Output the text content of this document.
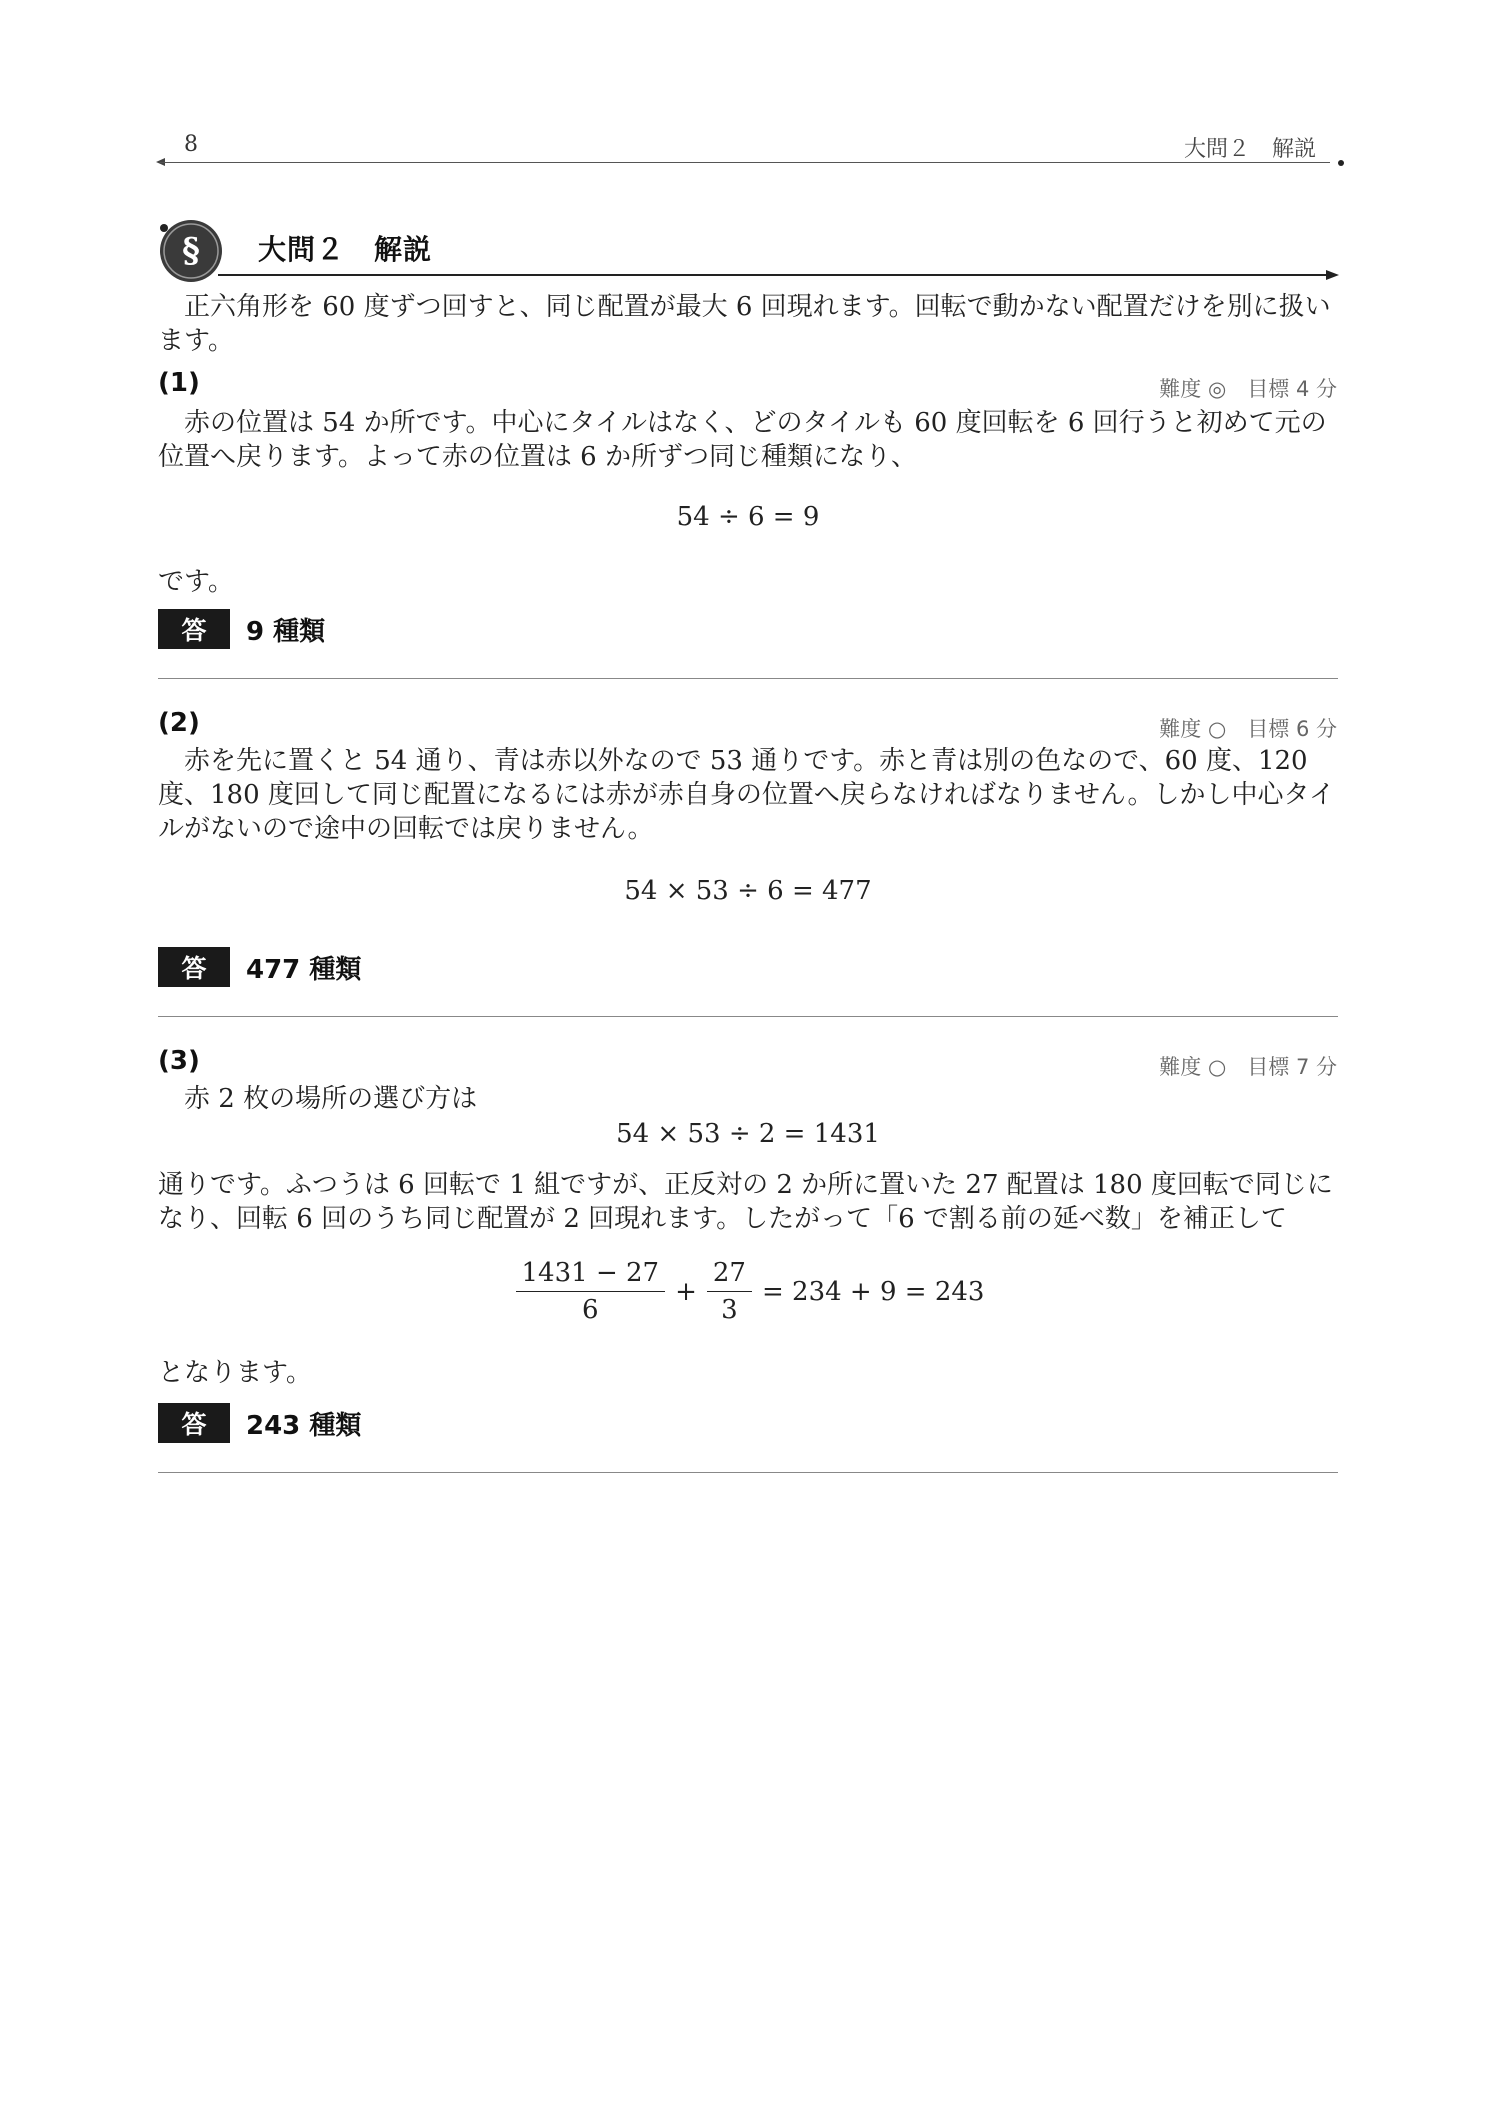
8	大問２　解説
§ 大問２　解説
正六角形を 60 度ずつ回すと、同じ配置が最大 6 回現れます。回転で動かない配置だけを別に扱います。
(1)	難度 ◎　目標 4 分
赤の位置は 54 か所です。中心にタイルはなく、どのタイルも 60 度回転を 6 回行うと初めて元の位置へ戻ります。よって赤の位置は 6 か所ずつ同じ種類になり、
54 ÷ 6 = 9
です。
答	9 種類
(2)	難度 ○　目標 6 分
赤を先に置くと 54 通り、青は赤以外なので 53 通りです。赤と青は別の色なので、60 度、120 度、180 度回して同じ配置になるには赤が赤自身の位置へ戻らなければなりません。しかし中心タイルがないので途中の回転では戻りません。
54 × 53 ÷ 6 = 477
答	477 種類
(3)	難度 ○　目標 7 分
赤 2 枚の場所の選び方は
54 × 53 ÷ 2 = 1431
通りです。ふつうは 6 回転で 1 組ですが、正反対の 2 か所に置いた 27 配置は 180 度回転で同じになり、回転 6 回のうち同じ配置が 2 回現れます。したがって「6 で割る前の延べ数」を補正して
$\frac{1431 - 27}{6} + \frac{27}{3} = 234 + 9 = 243$
となります。
答	243 種類
